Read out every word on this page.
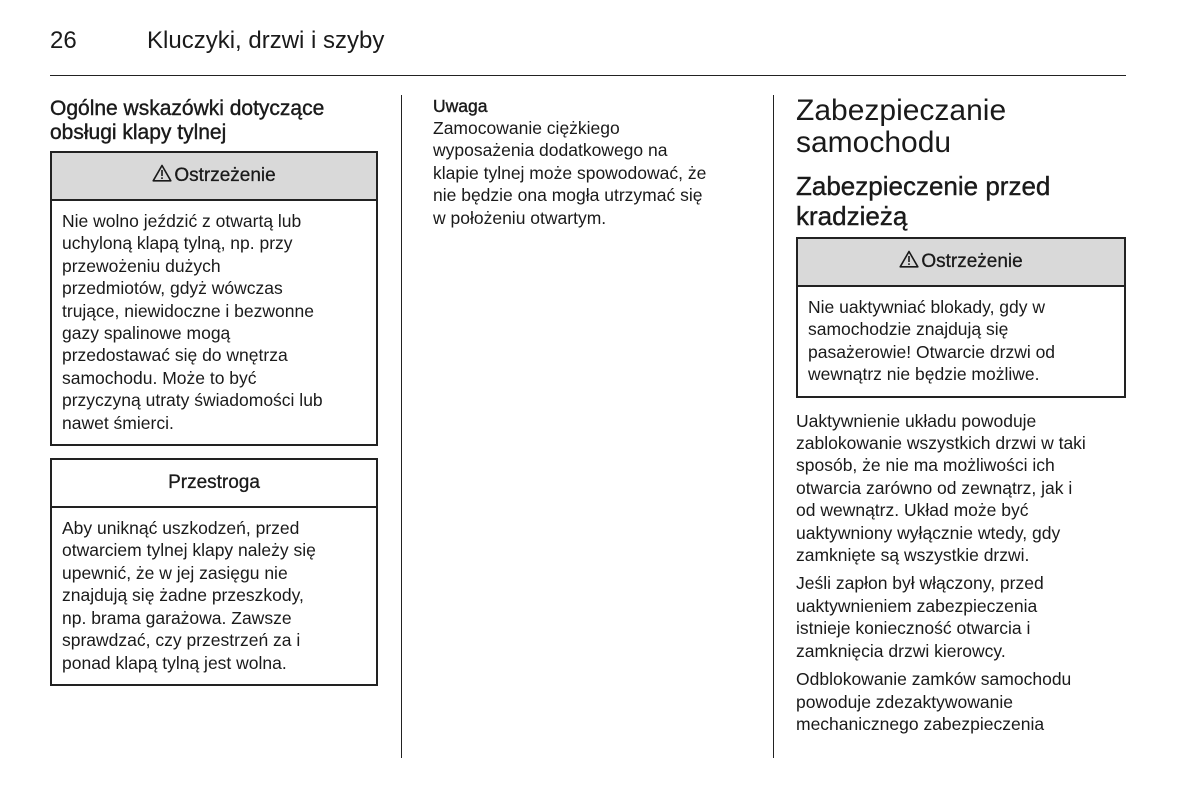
26	Kluczyki, drzwi i szyby
Ogólne wskazówki dotyczące
obsługi klapy tylnej
Ostrzeżenie
Nie wolno jeździć z otwartą lub
uchyloną klapą tylną, np. przy
przewożeniu dużych
przedmiotów, gdyż wówczas
trujące, niewidoczne i bezwonne
gazy spalinowe mogą
przedostawać się do wnętrza
samochodu. Może to być
przyczyną utraty świadomości lub
nawet śmierci.
Przestroga
Aby uniknąć uszkodzeń, przed
otwarciem tylnej klapy należy się
upewnić, że w jej zasięgu nie
znajdują się żadne przeszkody,
np. brama garażowa. Zawsze
sprawdzać, czy przestrzeń za i
ponad klapą tylną jest wolna.
Uwaga
Zamocowanie ciężkiego
wyposażenia dodatkowego na
klapie tylnej może spowodować, że
nie będzie ona mogła utrzymać się
w położeniu otwartym.
Zabezpieczanie
samochodu
Zabezpieczenie przed
kradzieżą
Ostrzeżenie
Nie uaktywniać blokady, gdy w
samochodzie znajdują się
pasażerowie! Otwarcie drzwi od
wewnątrz nie będzie możliwe.
Uaktywnienie układu powoduje
zablokowanie wszystkich drzwi w taki
sposób, że nie ma możliwości ich
otwarcia zarówno od zewnątrz, jak i
od wewnątrz. Układ może być
uaktywniony wyłącznie wtedy, gdy
zamknięte są wszystkie drzwi.
Jeśli zapłon był włączony, przed
uaktywnieniem zabezpieczenia
istnieje konieczność otwarcia i
zamknięcia drzwi kierowcy.
Odblokowanie zamków samochodu
powoduje zdezaktywowanie
mechanicznego zabezpieczenia
